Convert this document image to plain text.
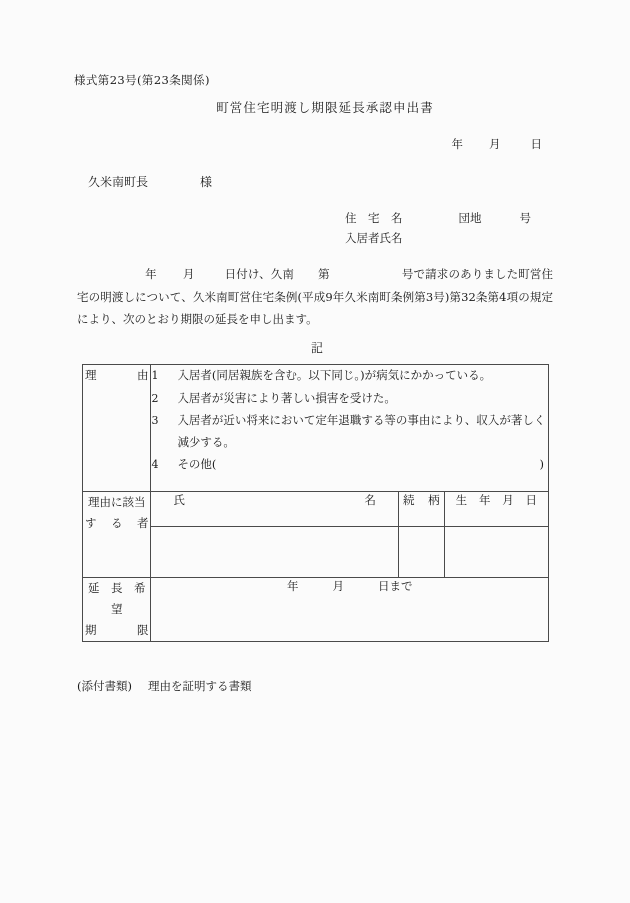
様式第23号(第23条関係)
町営住宅明渡し期限延長承認申出書
年 月	日
久米南町長	様
住　宅　名	団地	号
入居者氏名
年 月	日付け、久南 第	号で請求のありました町営住宅の明渡しについて、久米南町営住宅条例(平成9年久米南町条例第3号)第32条第4項の規定により、次のとおり期限の延長を申し出ます。
記
理	由	1 入居者(同居親族を含む。以下同じ。)が病気にかかっている。
2 入居者が災害により著しい損害を受けた。
3 入居者が近い将来において定年退職する等の事由により、収入が著しく減少する。
4 その他(	)

理由に該当
す る 者

氏	名	続 柄	生 年 月 日

延　長　希　望
期 限	年 月 日まで		
(添付書類) 理由を証明する書類
